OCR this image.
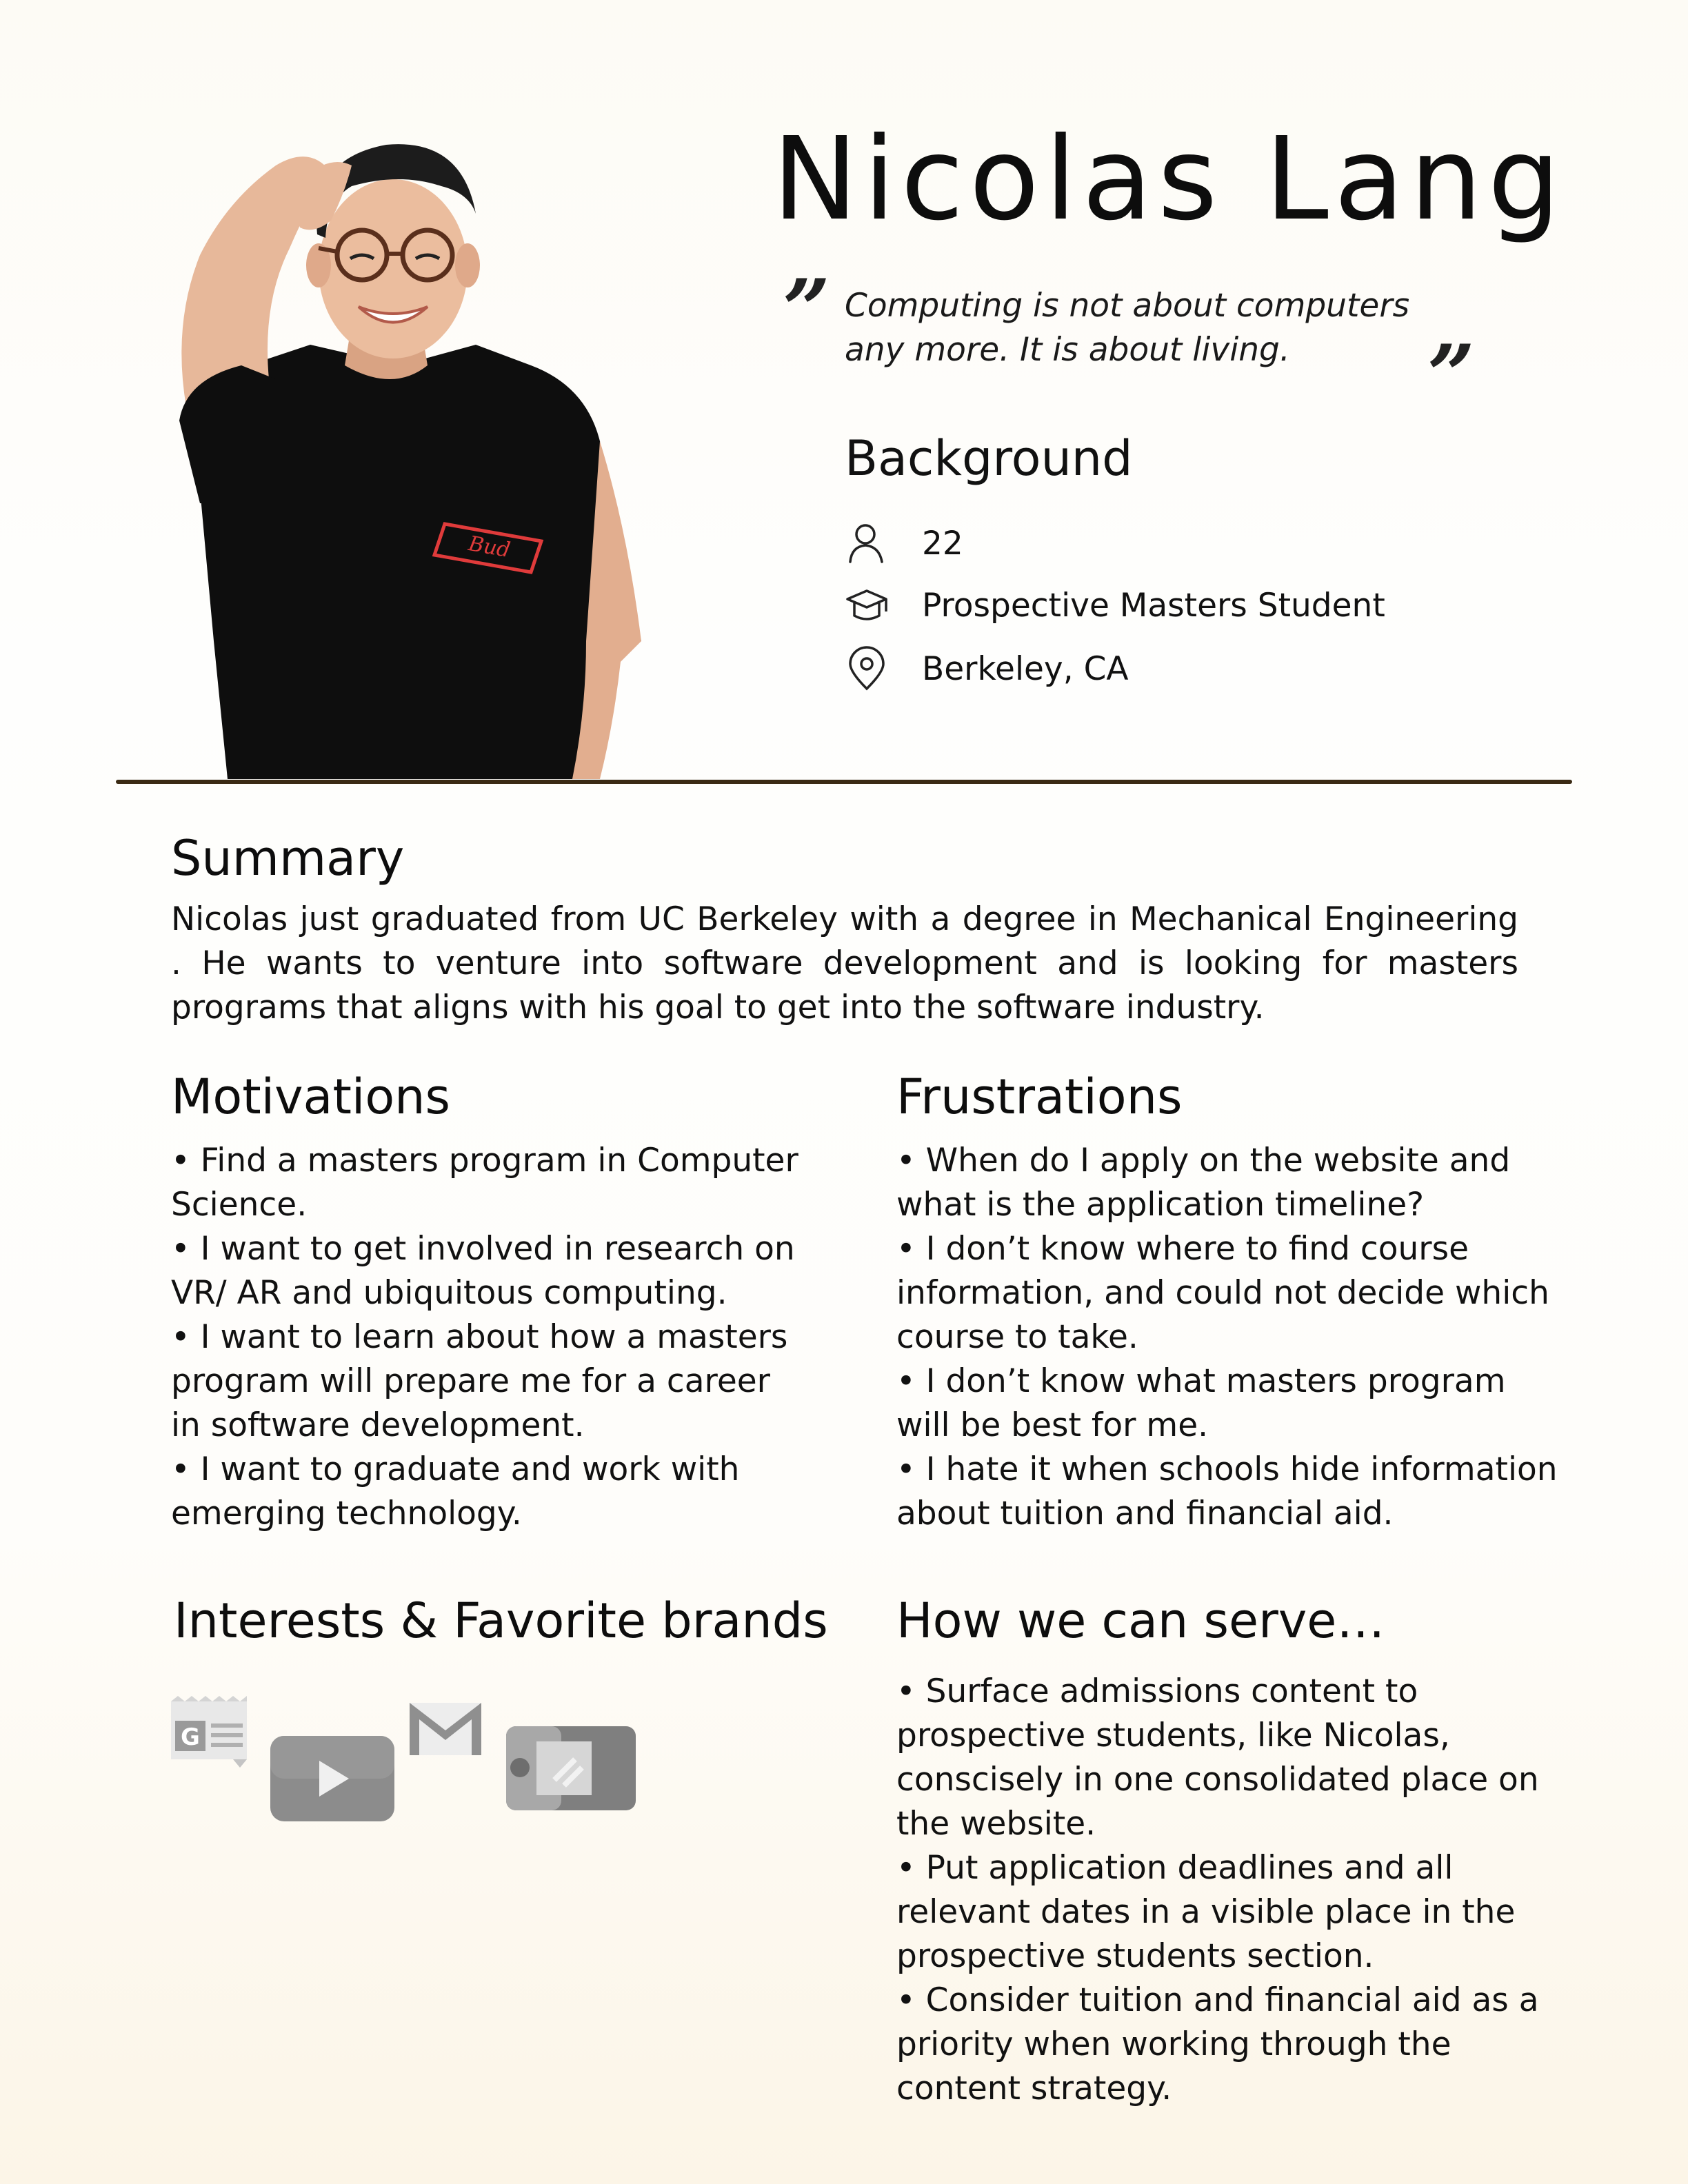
Bud
Nicolas Lang
” Computing is not about computers any more. It is about living.	”
Background
22
Prospective Masters Student
Berkeley, CA
Summary
Nicolas just graduated from UC Berkeley with a degree in Mechanical Engineering . He wants to venture into software development and is looking for masters programs that aligns with his goal to get into the software industry.
Motivations

• Find a masters program in Computer Science.

• I want to get involved in research on VR/ AR and ubiquitous computing.

• I want to learn about how a masters program will prepare me for a career in software development.

• I want to graduate and work with emerging technology.

Frustrations

• When do I apply on the website and what is the application timeline?

• I don’t know where to find course information, and could not decide which course to take.

• I don’t know what masters program will be best for me.

• I hate it when schools hide information about tuition and financial aid.

Interests & Favorite brands
G
How we can serve…

• Surface admissions content to prospective students, like Nicolas, conscisely in one consolidated place on the website.

• Put application deadlines and all relevant dates in a visible place in the prospective students section.

• Consider tuition and financial aid as a priority when working through the content strategy.
